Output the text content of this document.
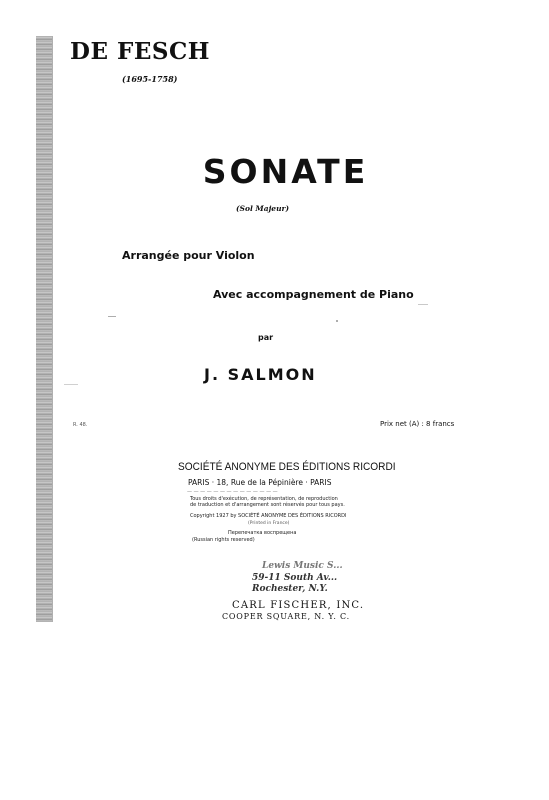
DE FESCH
(1695-1758)
SONATE
(Sol Majeur)
Arrangée pour Violon
Avec accompagnement de Piano
par
J. SALMON
R. 48.	Prix net (A) : 8 francs
SOCIÉTÉ ANONYME DES ÉDITIONS RICORDI
PARIS · 18, Rue de la Pépinière · PARIS
— — — — — — — — — — — — — —
Tous droits d'exécution, de représentation, de reproduction
de traduction et d'arrangement sont réservés pour tous pays.
Copyright 1927 by SOCIÉTÉ ANONYME DES ÉDITIONS RICORDI
(Printed in France)
Перепечатка воспрещена
(Russian rights reserved)
Lewis Music S...
59-11 South Av...
Rochester, N.Y.
CARL FISCHER, INC.
COOPER SQUARE, N. Y. C.
